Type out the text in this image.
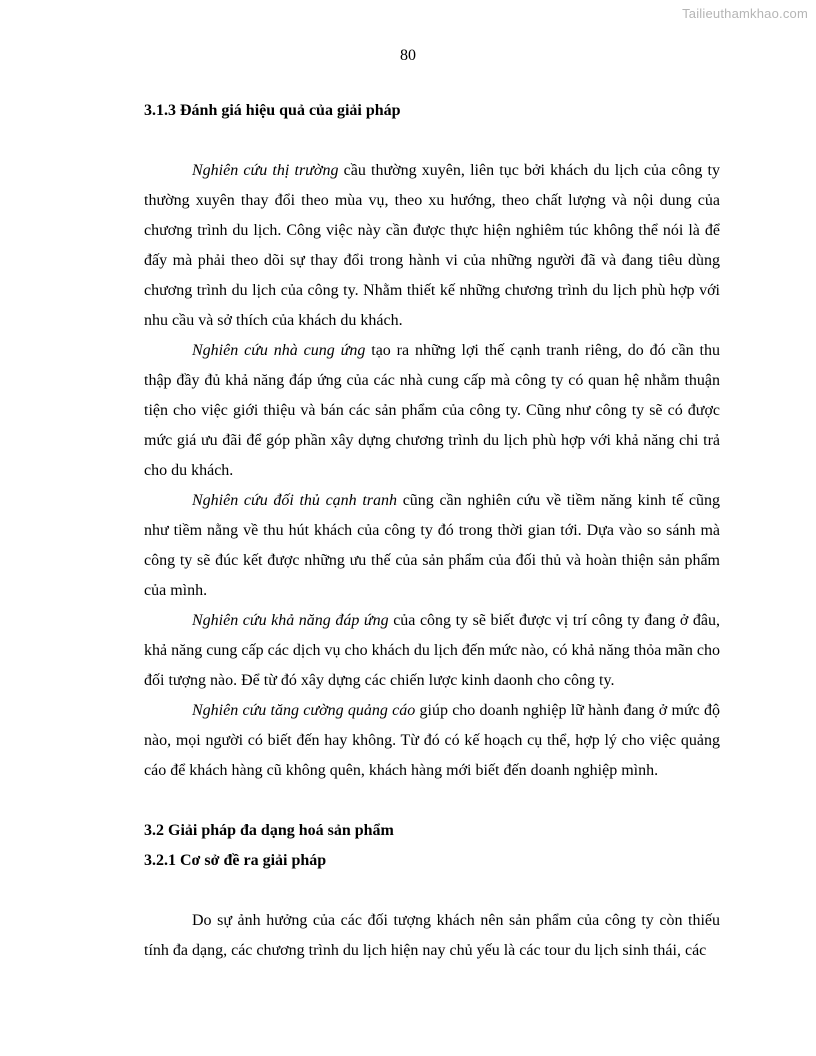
Tailieuthamkhao.com
80

3.1.3 Đánh giá hiệu quả của giải pháp

Nghiên cứu thị trường cầu thường xuyên, liên tục bởi khách du lịch của công ty thường xuyên thay đổi theo mùa vụ, theo xu hướng, theo chất lượng và nội dung của chương trình du lịch. Công việc này cần được thực hiện nghiêm túc không thể nói là để đấy mà phải theo dõi sự thay đổi trong hành vi của những người đã và đang tiêu dùng chương trình du lịch của công ty. Nhằm thiết kế những chương trình du lịch phù hợp với nhu cầu và sở thích của khách du khách.

Nghiên cứu nhà cung ứng tạo ra những lợi thế cạnh tranh riêng, do đó cần thu thập đầy đủ khả năng đáp ứng của các nhà cung cấp mà công ty có quan hệ nhằm thuận tiện cho việc giới thiệu và bán các sản phẩm của công ty. Cũng như công ty sẽ có được mức giá ưu đãi để góp phần xây dựng chương trình du lịch phù hợp với khả năng chi trả cho du khách.

Nghiên cứu đối thủ cạnh tranh cũng cần nghiên cứu về tiềm năng kinh tế cũng như tiềm nằng về thu hút khách của công ty đó trong thời gian tới. Dựa vào so sánh mà công ty sẽ đúc kết được những ưu thế của sản phẩm của đối thủ và hoàn thiện sản phẩm của mình.

Nghiên cứu khả năng đáp ứng của công ty sẽ biết được vị trí công ty đang ở đâu, khả năng cung cấp các dịch vụ cho khách du lịch đến mức nào, có khả năng thỏa mãn cho đối tượng nào. Để từ đó xây dựng các chiến lược kinh daonh cho công ty.

Nghiên cứu tăng cường quảng cáo giúp cho doanh nghiệp lữ hành đang ở mức độ nào, mọi người có biết đến hay không. Từ đó có kế hoạch cụ thể, hợp lý cho việc quảng cáo để khách hàng cũ không quên, khách hàng mới biết đến doanh nghiệp mình.

3.2 Giải pháp đa dạng hoá sản phẩm

3.2.1 Cơ sở đề ra giải pháp

Do sự ảnh hưởng của các đối tượng khách nên sản phẩm của công ty còn thiếu tính đa dạng, các chương trình du lịch hiện nay chủ yếu là các tour du lịch sinh thái, các
